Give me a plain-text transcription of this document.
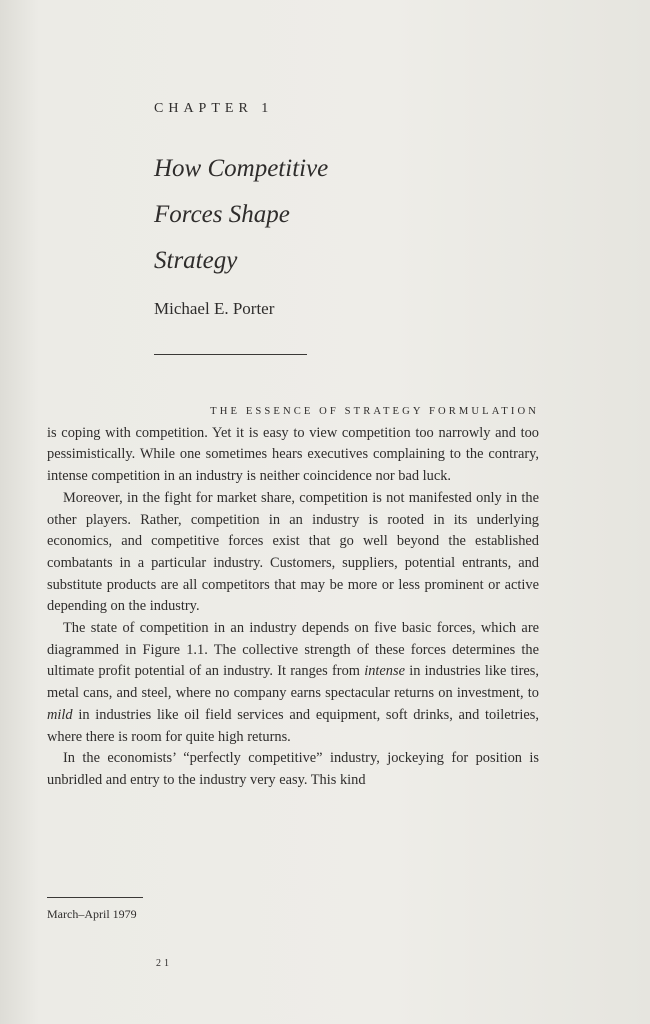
CHAPTER 1
How Competitive
Forces Shape
Strategy
Michael E. Porter

THE ESSENCE OF STRATEGY FORMULATION
is coping with competition. Yet it is easy to view competition too narrowly and too pessimistically. While one sometimes hears executives complaining to the contrary, intense competition in an industry is neither coincidence nor bad luck.

Moreover, in the fight for market share, competition is not manifested only in the other players. Rather, competition in an industry is rooted in its underlying economics, and competitive forces exist that go well beyond the established combatants in a particular industry. Customers, suppliers, potential entrants, and substitute products are all competitors that may be more or less prominent or active depending on the industry.

The state of competition in an industry depends on five basic forces, which are diagrammed in Figure 1.1. The collective strength of these forces determines the ultimate profit potential of an industry. It ranges from intense in industries like tires, metal cans, and steel, where no company earns spectacular returns on investment, to mild in industries like oil field services and equipment, soft drinks, and toiletries, where there is room for quite high returns.

In the economists’ “perfectly competitive” industry, jockeying for position is unbridled and entry to the industry very easy. This kind

March–April 1979
21
